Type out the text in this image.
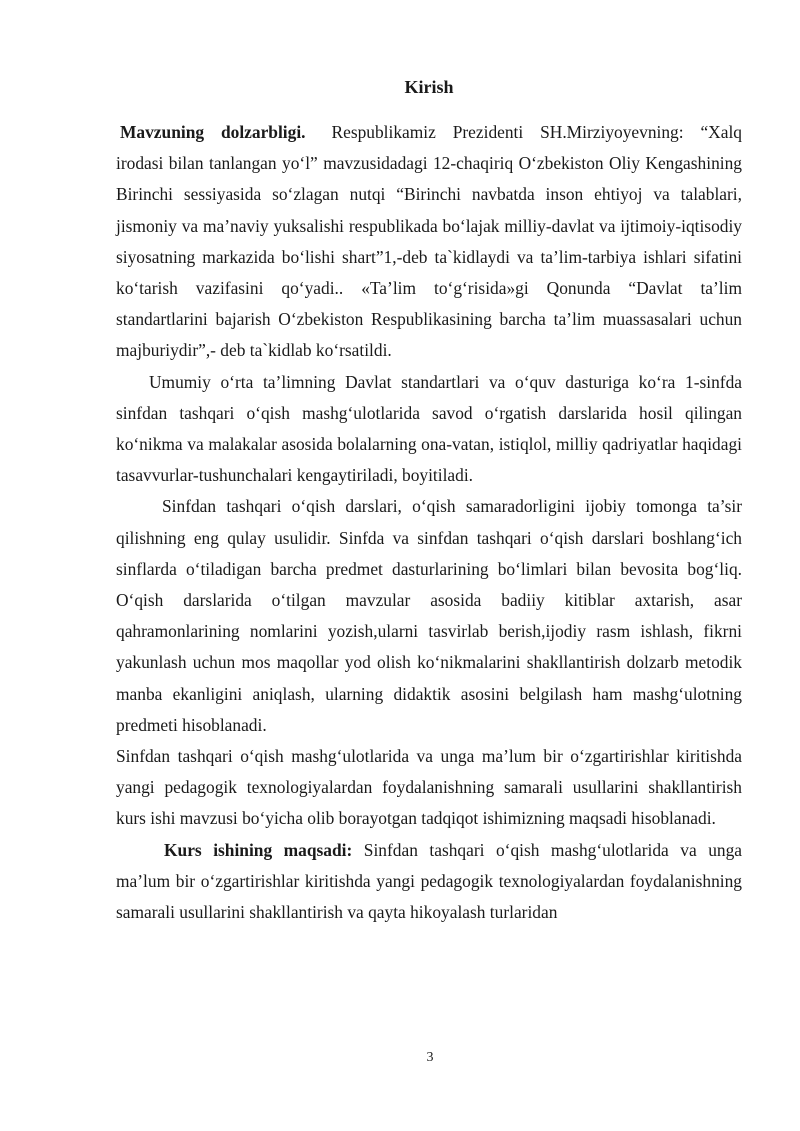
Kirish

Mavzuning dolzarbligi. Respublikamiz Prezidenti SH.Mirziyoyevning: “Xalq irodasi bilan tanlangan yo‘l” mavzusidadagi 12-chaqiriq O‘zbekiston Oliy Kengashining Birinchi sessiyasida so‘zlagan nutqi “Birinchi navbatda inson ehtiyoj va talablari, jismoniy va ma’naviy yuksalishi respublikada bo‘lajak milliy-davlat va ijtimoiy-iqtisodiy siyosatning markazida bo‘lishi shart”1,-deb ta`kidlaydi va ta’lim-tarbiya ishlari sifatini ko‘tarish vazifasini qo‘yadi.. «Ta’lim to‘g‘risida»gi Qonunda “Davlat ta’lim standartlarini bajarish O‘zbekiston Respublikasining barcha ta’lim muassasalari uchun majburiydir”,- deb ta`kidlab ko‘rsatildi.

Umumiy o‘rta ta’limning Davlat standartlari va o‘quv dasturiga ko‘ra 1-sinfda sinfdan tashqari o‘qish mashg‘ulotlarida savod o‘rgatish darslarida hosil qilingan ko‘nikma va malakalar asosida bolalarning ona-vatan, istiqlol, milliy qadriyatlar haqidagi tasavvurlar-tushunchalari kengaytiriladi, boyitiladi.

Sinfdan tashqari o‘qish darslari, o‘qish samaradorligini ijobiy tomonga ta’sir qilishning eng qulay usulidir. Sinfda va sinfdan tashqari o‘qish darslari boshlang‘ich sinflarda o‘tiladigan barcha predmet dasturlarining bo‘limlari bilan bevosita bog‘liq. O‘qish darslarida o‘tilgan mavzular asosida badiiy kitiblar axtarish, asar qahramonlarining nomlarini yozish,ularni tasvirlab berish,ijodiy rasm ishlash, fikrni yakunlash uchun mos maqollar yod olish ko‘nikmalarini shakllantirish dolzarb metodik manba ekanligini aniqlash, ularning didaktik asosini belgilash ham mashg‘ulotning predmeti hisoblanadi.

Sinfdan tashqari o‘qish mashg‘ulotlarida va unga ma’lum bir o‘zgartirishlar kiritishda yangi pedagogik texnologiyalardan foydalanishning samarali usullarini shakllantirish kurs ishi mavzusi bo‘yicha olib borayotgan tadqiqot ishimizning maqsadi hisoblanadi.

Kurs ishining maqsadi: Sinfdan tashqari o‘qish mashg‘ulotlarida va unga ma’lum bir o‘zgartirishlar kiritishda yangi pedagogik texnologiyalardan foydalanishning samarali usullarini shakllantirish va qayta hikoyalash turlaridan

3
